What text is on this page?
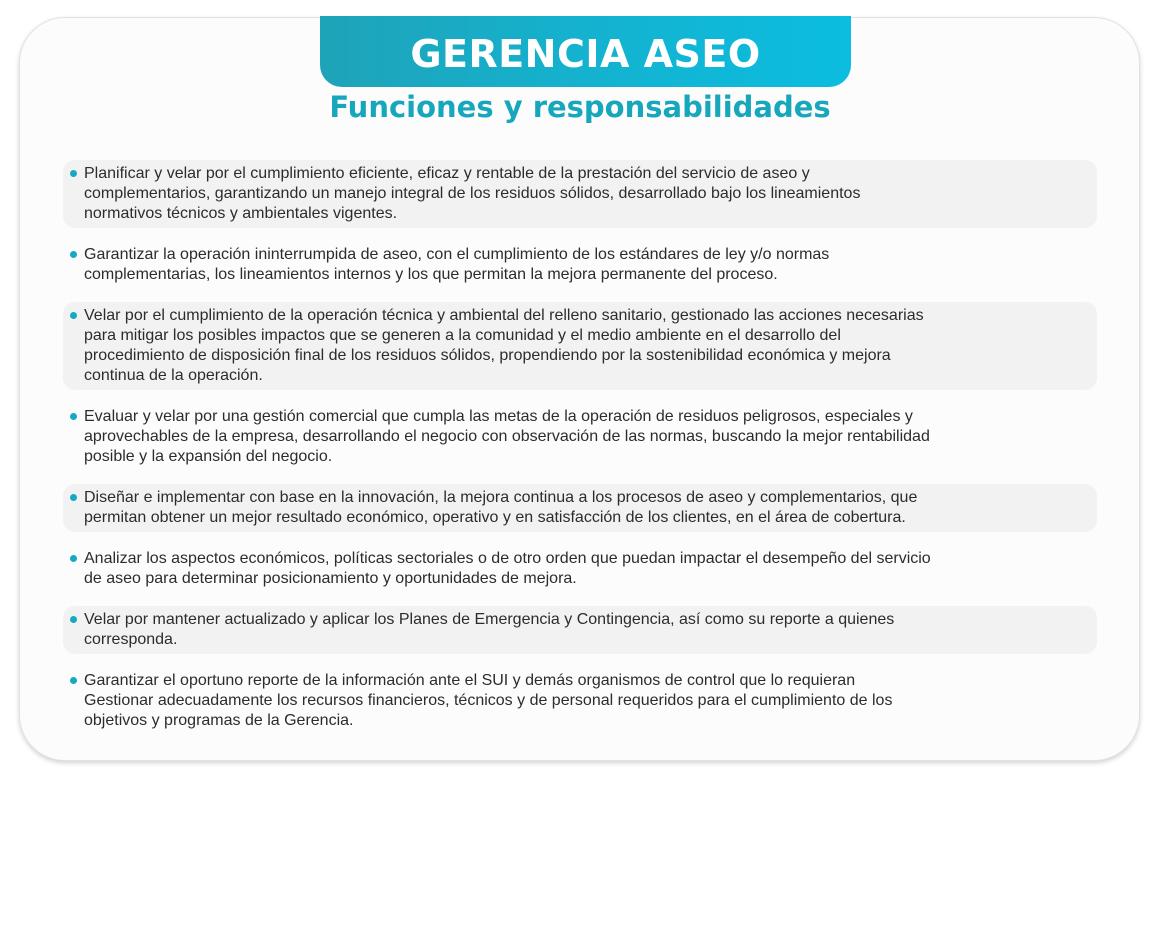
GERENCIA ASEO
Funciones y responsabilidades
Planificar y velar por el cumplimiento eficiente, eficaz y rentable de la prestación del servicio de aseo y
complementarios, garantizando un manejo integral de los residuos sólidos, desarrollado bajo los lineamientos
normativos técnicos y ambientales vigentes.
Garantizar la operación ininterrumpida de aseo, con el cumplimiento de los estándares de ley y/o normas
complementarias, los lineamientos internos y los que permitan la mejora permanente del proceso.
Velar por el cumplimiento de la operación técnica y ambiental del relleno sanitario, gestionado las acciones necesarias
para mitigar los posibles impactos que se generen a la comunidad y el medio ambiente en el desarrollo del
procedimiento de disposición final de los residuos sólidos, propendiendo por la sostenibilidad económica y mejora
continua de la operación.
Evaluar y velar por una gestión comercial que cumpla las metas de la operación de residuos peligrosos, especiales y
aprovechables de la empresa, desarrollando el negocio con observación de las normas, buscando la mejor rentabilidad
posible y la expansión del negocio.
Diseñar e implementar con base en la innovación, la mejora continua a los procesos de aseo y complementarios, que
permitan obtener un mejor resultado económico, operativo y en satisfacción de los clientes, en el área de cobertura.
Analizar los aspectos económicos, políticas sectoriales o de otro orden que puedan impactar el desempeño del servicio
de aseo para determinar posicionamiento y oportunidades de mejora.
Velar por mantener actualizado y aplicar los Planes de Emergencia y Contingencia, así como su reporte a quienes
corresponda.
Garantizar el oportuno reporte de la información ante el SUI y demás organismos de control que lo requieran
Gestionar adecuadamente los recursos financieros, técnicos y de personal requeridos para el cumplimiento de los
objetivos y programas de la Gerencia.
